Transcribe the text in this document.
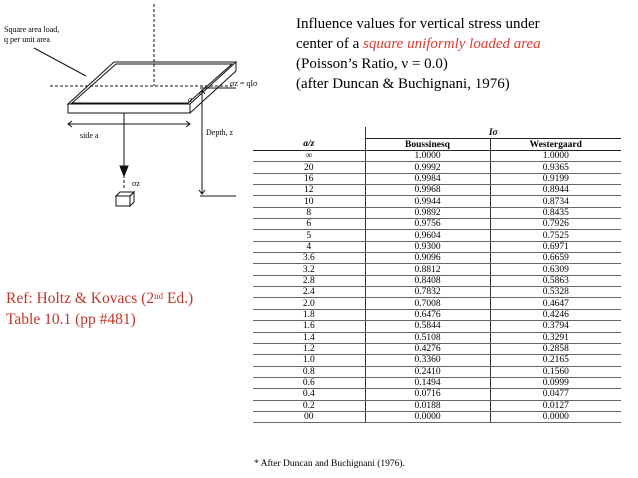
Square area load,
q per unit area
a
side a	Depth, z
σz = qIσ
σz
Influence values for vertical stress under
center of a square uniformly loaded area
(Poisson’s Ratio, ν = 0.0)
(after Duncan & Buchignani, 1976)
Ref: Holtz & Kovacs (2nd Ed.)
Table 10.1 (pp #481)
	Iσ	
a/z	Boussinesq	Westergaard
∞	1.0000	1.0000
20	0.9992	0.9365
16	0.9984	0.9199
12	0.9968	0.8944
10	0.9944	0.8734
8	0.9892	0.8435
6	0.9756	0.7926
5	0.9604	0.7525
4	0.9300	0.6971
3.6	0.9096	0.6659
3.2	0.8812	0.6309
2.8	0.8408	0.5863
2.4	0.7832	0.5328
2.0	0.7008	0.4647
1.8	0.6476	0.4246
1.6	0.5844	0.3794
1.4	0.5108	0.3291
1.2	0.4276	0.2858
1.0	0.3360	0.2165
0.8	0.2410	0.1560
0.6	0.1494	0.0999
0.4	0.0716	0.0477
0.2	0.0188	0.0127
00	0.0000	0.0000
* After Duncan and Buchignani (1976).
